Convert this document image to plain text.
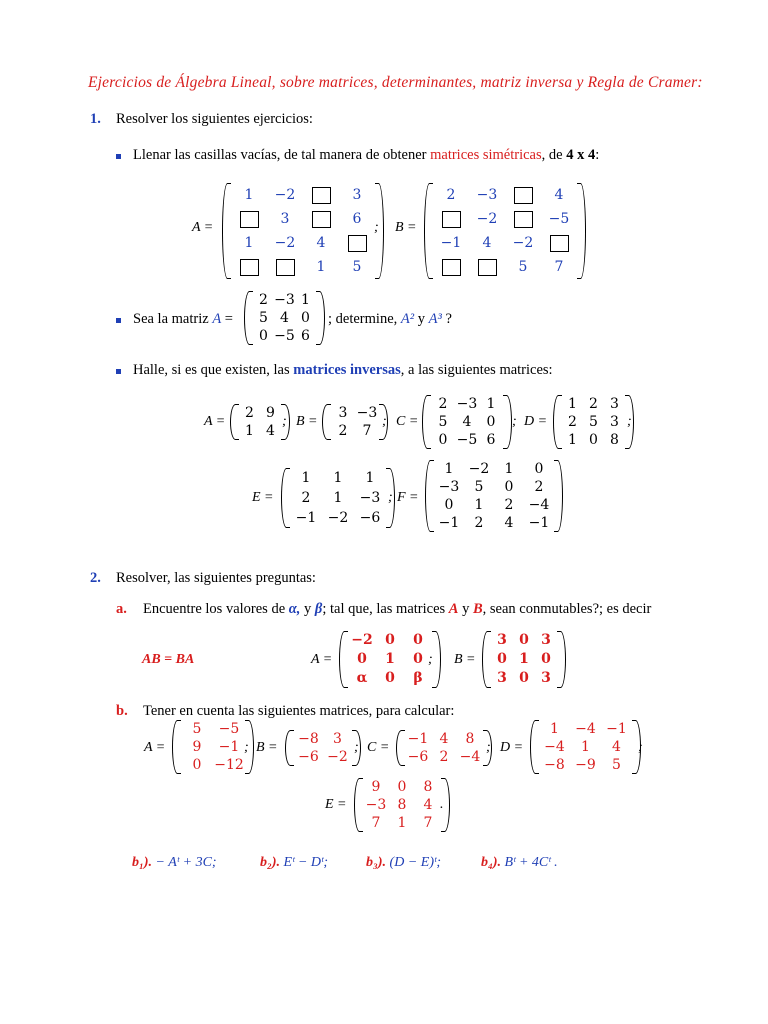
Ejercicios de Álgebra Lineal, sobre matrices, determinantes, matriz inversa y Regla de Cramer:
1. Resolver los siguientes ejercicios:
Llenar las casillas vacías, de tal manera de obtener matrices simétricas, de 4 x 4:
A =
1	−2		3
	3		6
1	−2	4	
		1	5
; B =
2	−3		4
	−2		−5
−1	4	−2	
		5	7
Sea la matriz A =
2	−3	1
5	4	0
0	−5	6
; determine, A² y A³ ?
Halle, si es que existen, las matrices inversas, a las siguientes matrices:
A =
2	9
1	4
; B =
3	−3
2	7
; C =
2	−3	1
5	4	0
0	−5	6
; D =
1	2	3
2	5	3
1	0	8
;
E =
1	1	1
2	1	−3
−1	−2	−6
; F =
1	−2	1	0
−3	5	0	2
0	1	2	−4
−1	2	4	−1
2. Resolver, las siguientes preguntas:
a. Encuentre los valores de α, y β; tal que, las matrices A y B, sean conmutables?; es decir
AB = BA	A =
−2	0	0
0	1	0
α	0	β
; B =
3	0	3
0	1	0
3	0	3
b. Tener en cuenta las siguientes matrices, para calcular:
A =
5	−5
9	−1
0	−12
; B =
−8	3
−6	−2
; C =
−1	4	8
−6	2	−4
; D =
1	−4	−1
−4	1	4
−8	−9	5
;
E =
9	0	8
−3	8	4
7	1	7
.
b₁). − Aᵗ + 3C;	b₂). Eᵗ − Dᵗ;	b₃). (D − E)ᵗ;	b₄). Bᵗ + 4Cᵗ .
